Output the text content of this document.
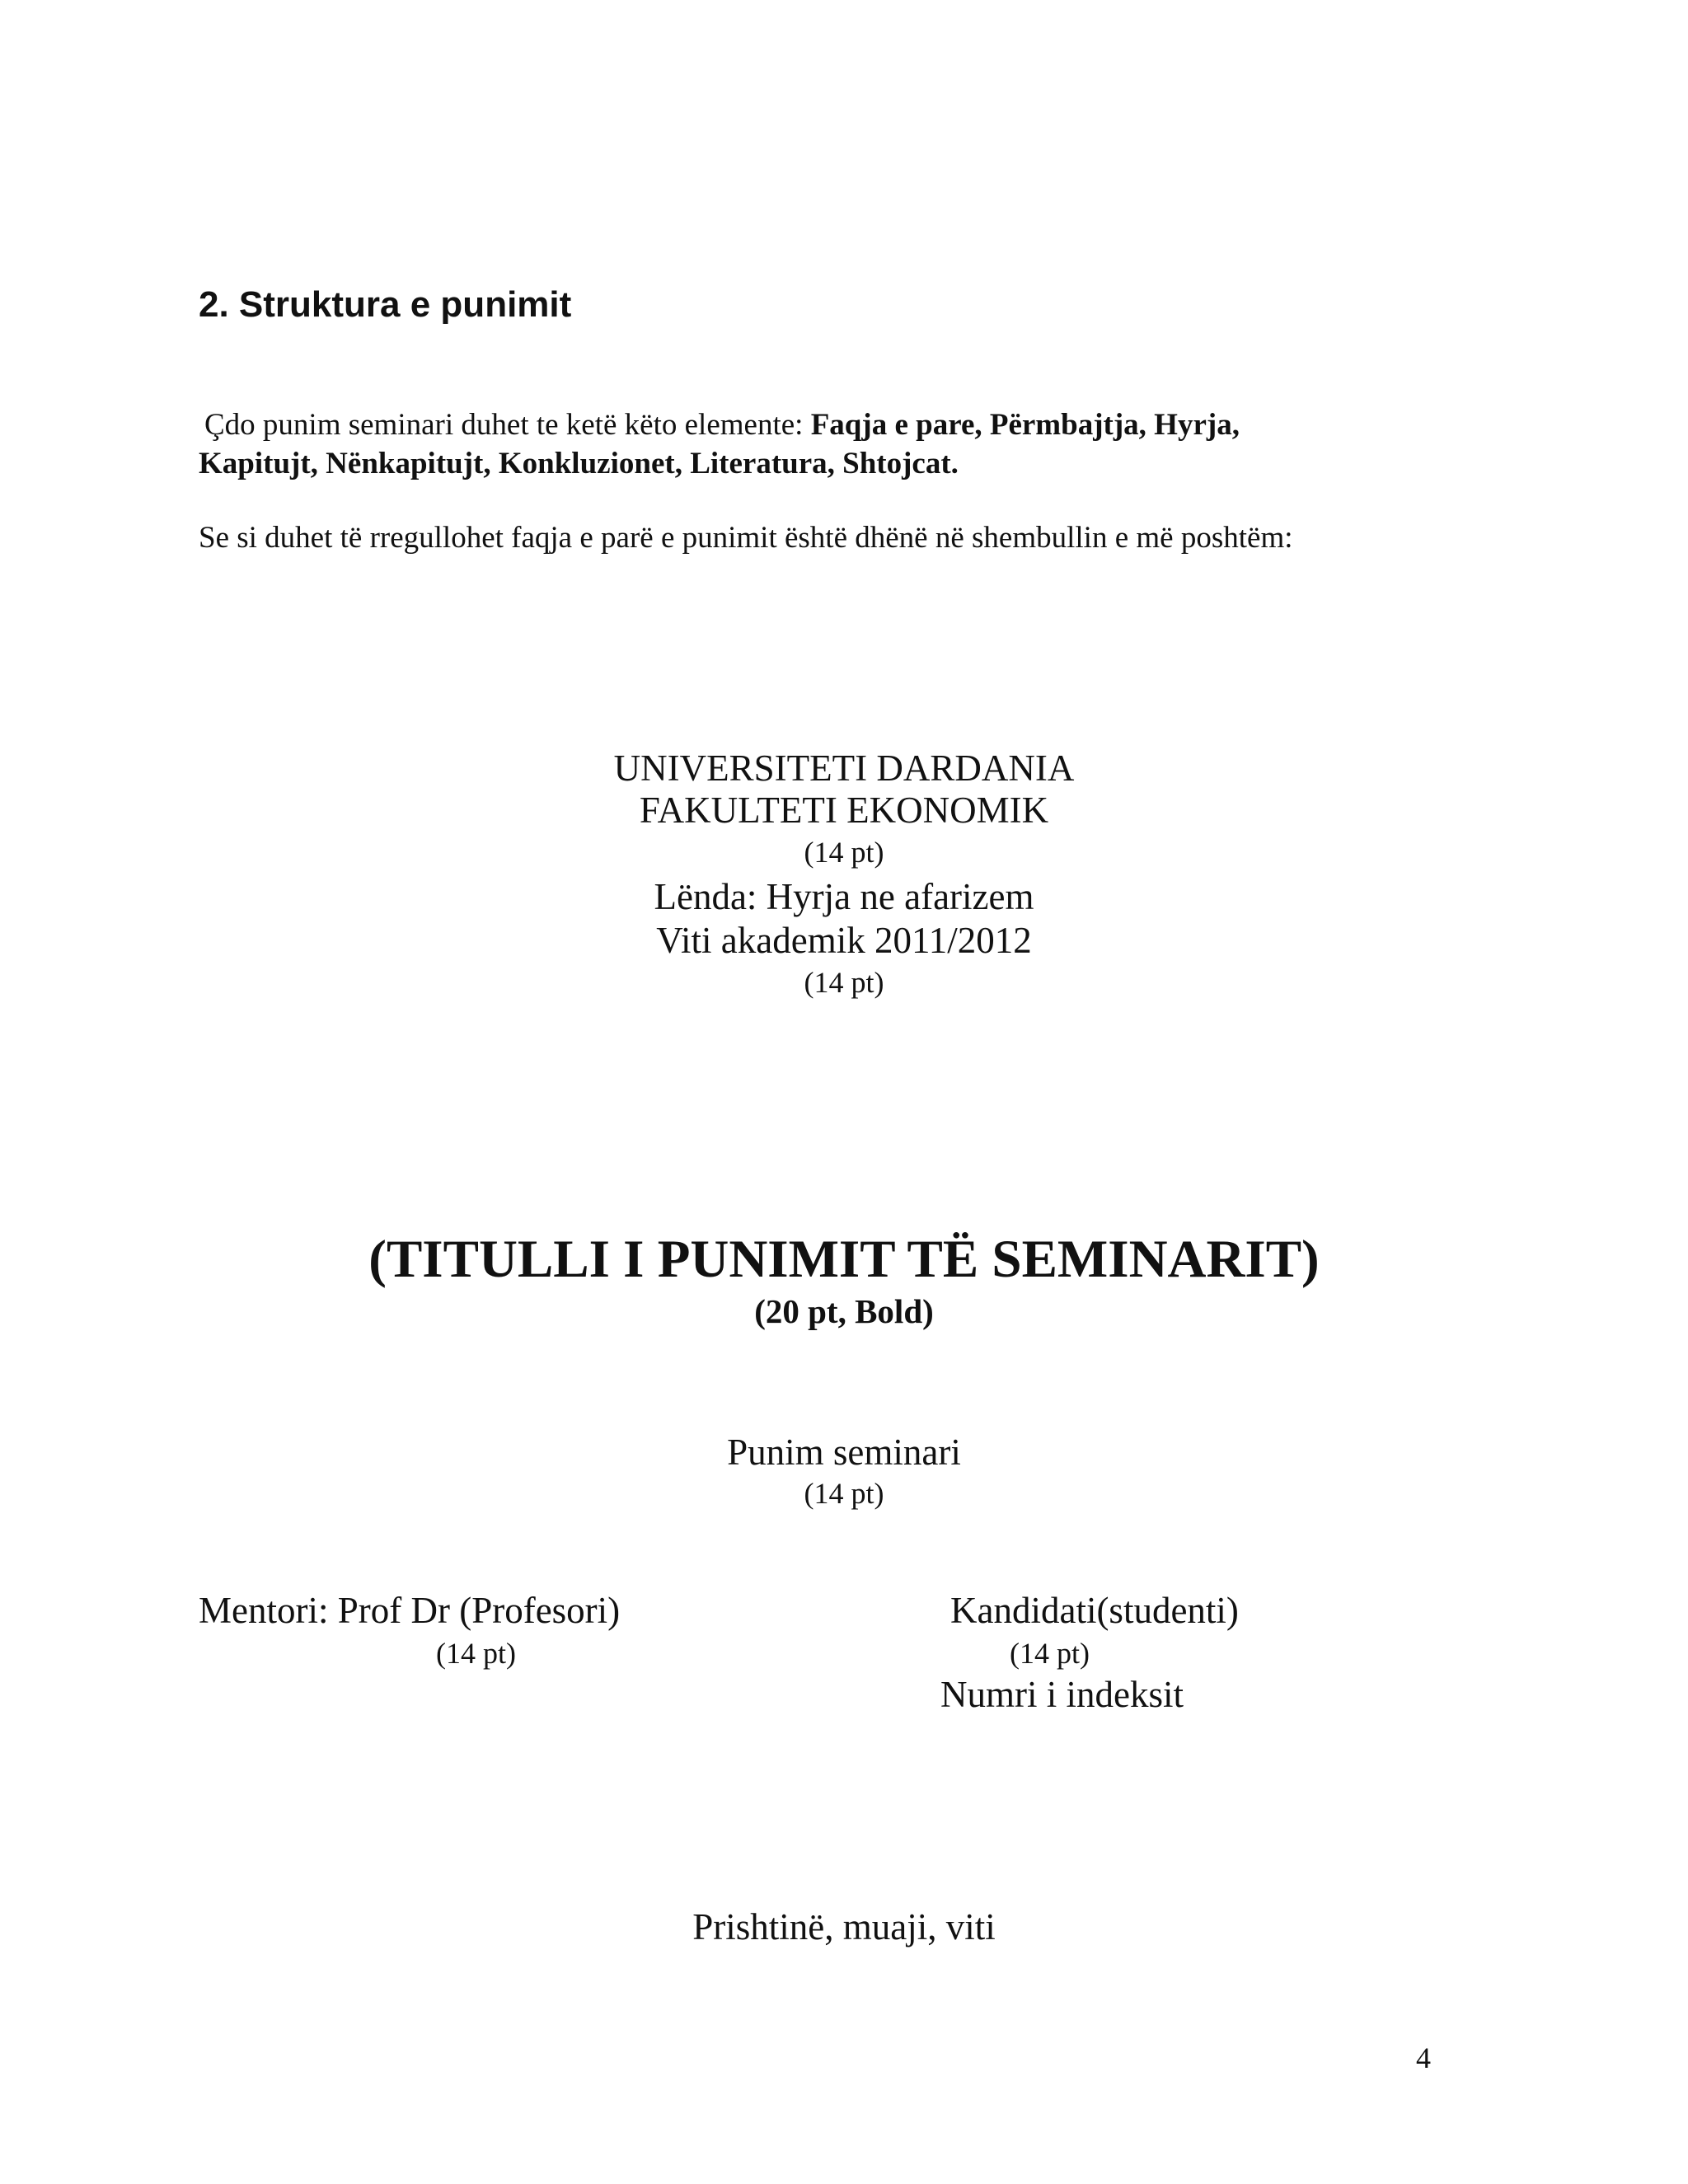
2. Struktura e punimit
Çdo punim seminari duhet te ketë këto elemente: Faqja e pare, Përmbajtja, Hyrja,
Kapitujt, Nënkapitujt, Konkluzionet, Literatura, Shtojcat.
Se si duhet të rregullohet faqja e parë e punimit është dhënë në shembullin e më poshtëm:
UNIVERSITETI DARDANIA
FAKULTETI EKONOMIK
(14 pt)
Lënda: Hyrja ne afarizem
Viti akademik 2011/2012
(14 pt)
(TITULLI I PUNIMIT TË SEMINARIT)
(20 pt, Bold)
Punim seminari
(14 pt)
Mentori: Prof Dr (Profesori)
(14 pt)
Kandidati(studenti)
(14 pt)
Numri i indeksit
Prishtinë, muaji, viti
4
